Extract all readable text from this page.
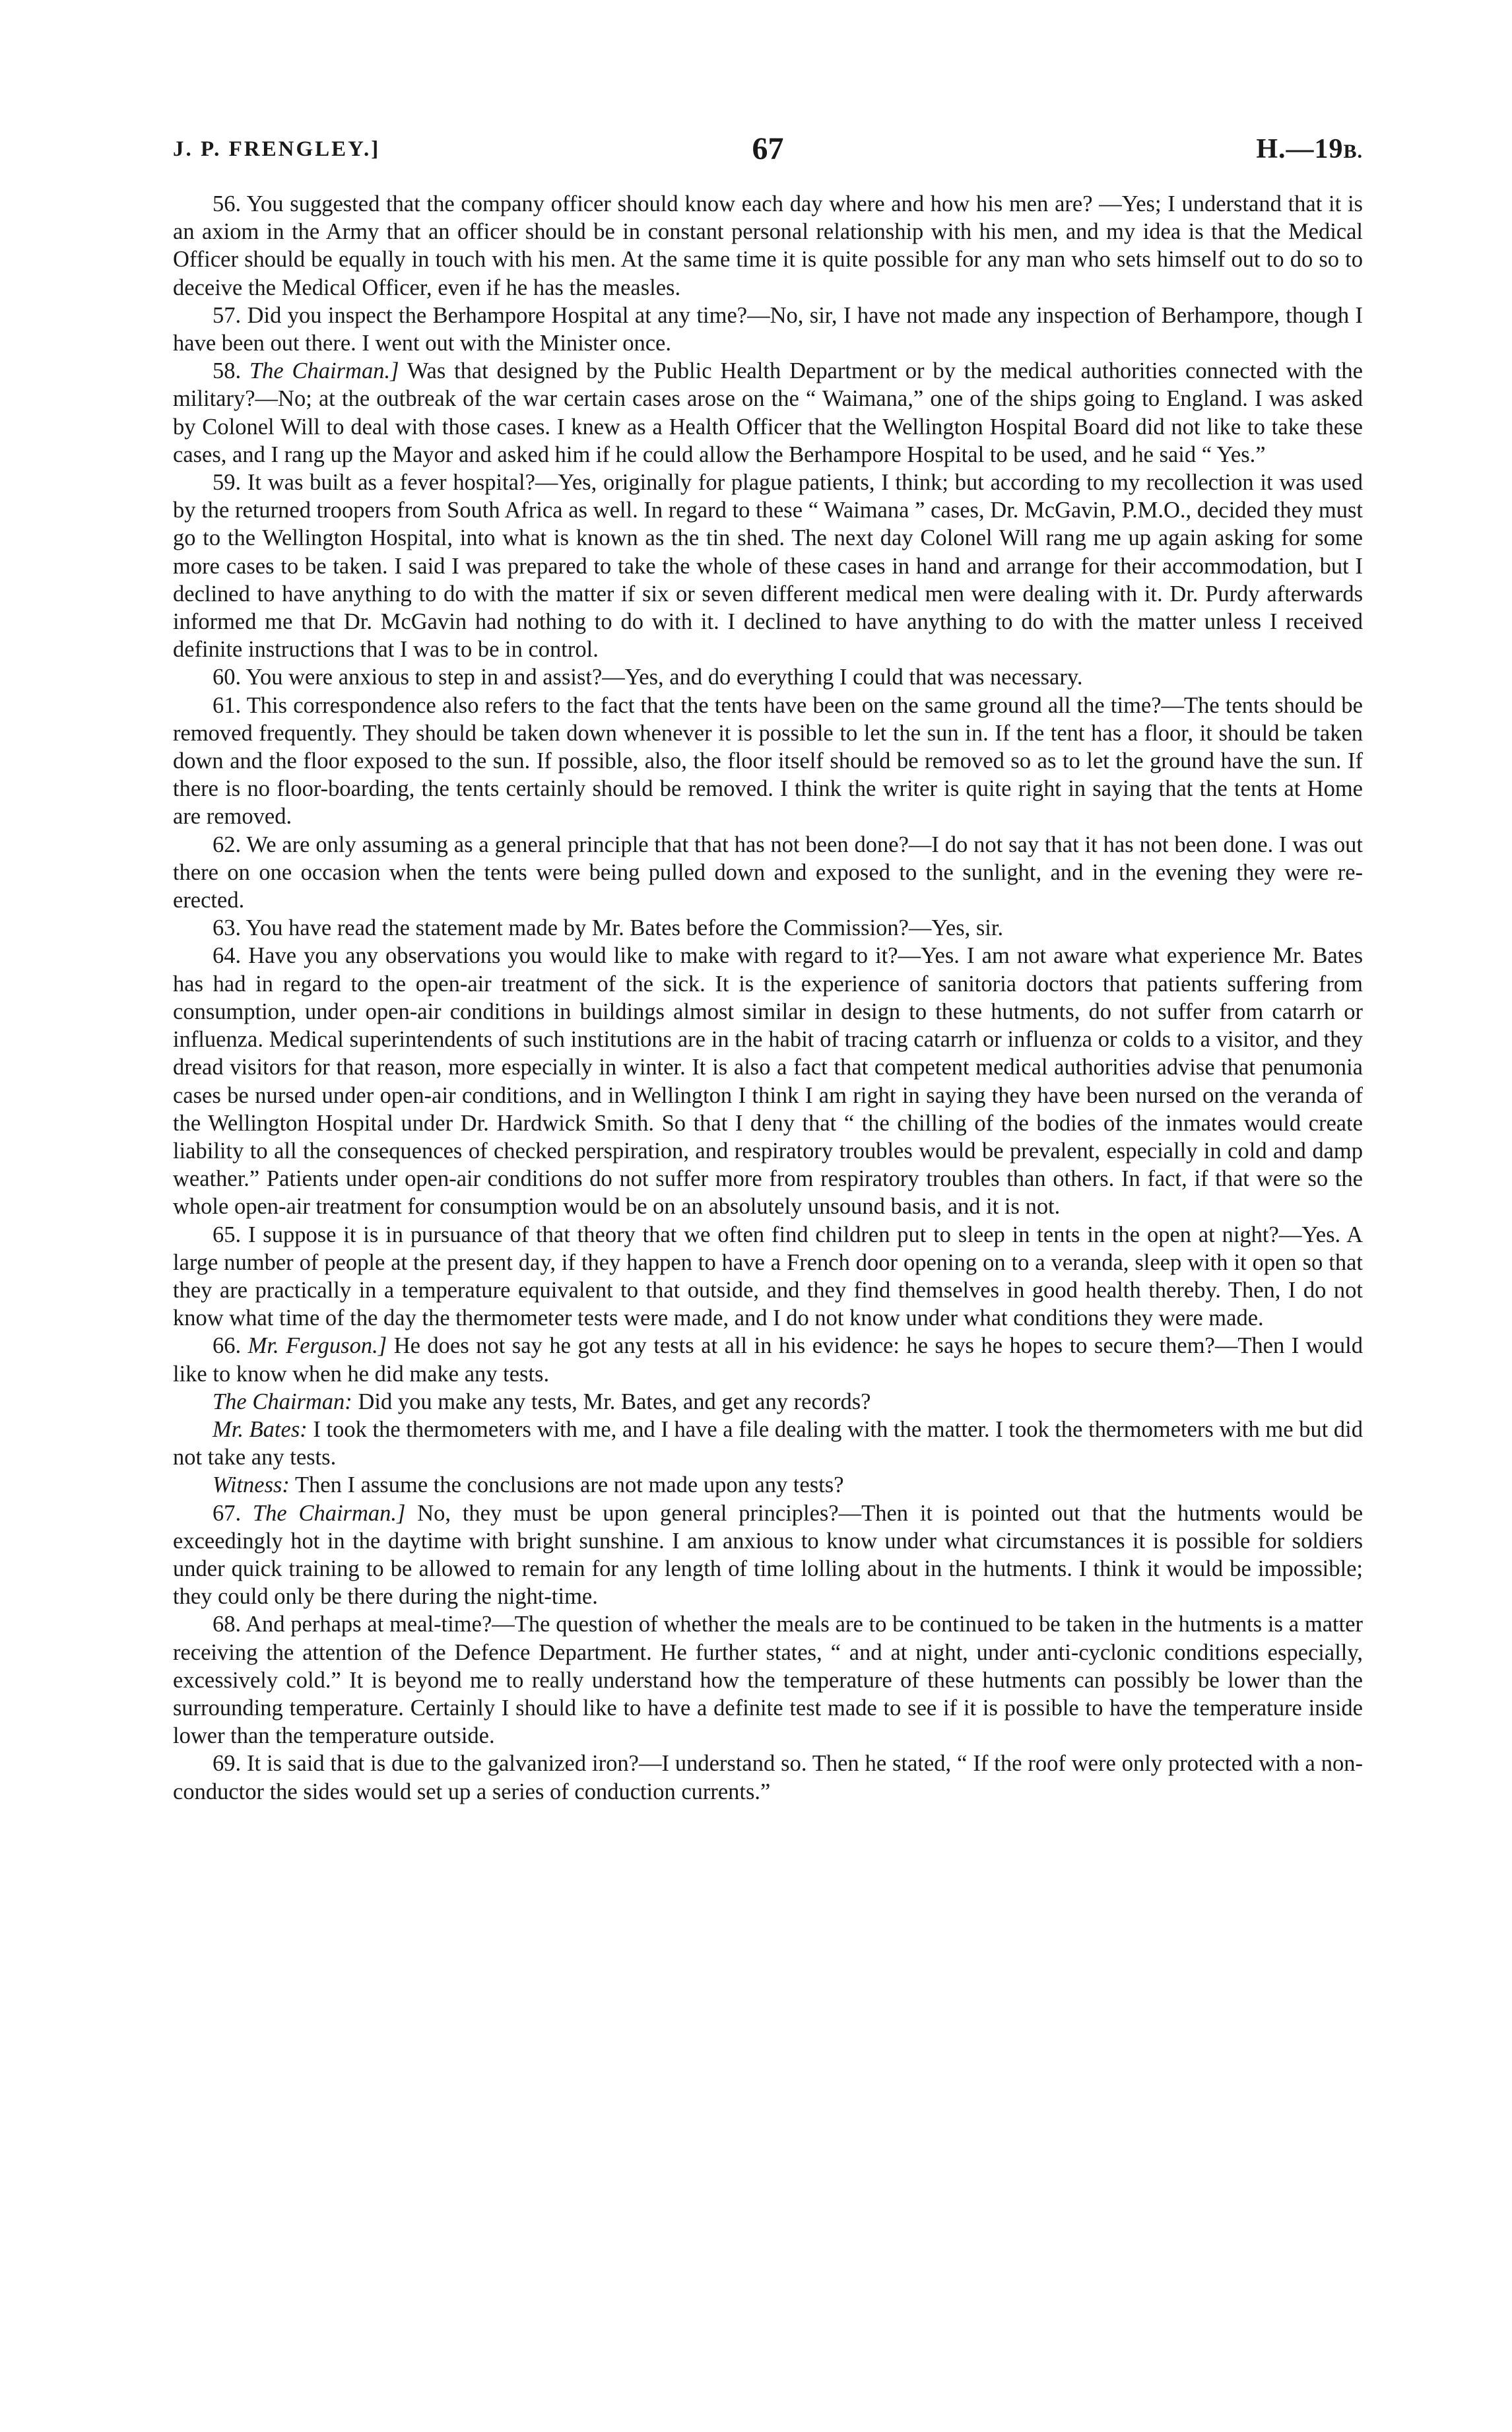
J. P. FRENGLEY.]	67	H.—19B.

56. You suggested that the company officer should know each day where and how his men are? —Yes; I understand that it is an axiom in the Army that an officer should be in constant personal relationship with his men, and my idea is that the Medical Officer should be equally in touch with his men. At the same time it is quite possible for any man who sets himself out to do so to deceive the Medical Officer, even if he has the measles.

57. Did you inspect the Berhampore Hospital at any time?—No, sir, I have not made any inspection of Berhampore, though I have been out there. I went out with the Minister once.

58. The Chairman.] Was that designed by the Public Health Department or by the medical authorities connected with the military?—No; at the outbreak of the war certain cases arose on the “ Waimana,” one of the ships going to England. I was asked by Colonel Will to deal with those cases. I knew as a Health Officer that the Wellington Hospital Board did not like to take these cases, and I rang up the Mayor and asked him if he could allow the Berhampore Hospital to be used, and he said “ Yes.”

59. It was built as a fever hospital?—Yes, originally for plague patients, I think; but according to my recollection it was used by the returned troopers from South Africa as well. In regard to these “ Waimana ” cases, Dr. McGavin, P.M.O., decided they must go to the Wellington Hospital, into what is known as the tin shed. The next day Colonel Will rang me up again asking for some more cases to be taken. I said I was prepared to take the whole of these cases in hand and arrange for their accommodation, but I declined to have anything to do with the matter if six or seven different medical men were dealing with it. Dr. Purdy afterwards informed me that Dr. McGavin had nothing to do with it. I declined to have anything to do with the matter unless I received definite instructions that I was to be in control.

60. You were anxious to step in and assist?—Yes, and do everything I could that was necessary.

61. This correspondence also refers to the fact that the tents have been on the same ground all the time?—The tents should be removed frequently. They should be taken down whenever it is possible to let the sun in. If the tent has a floor, it should be taken down and the floor exposed to the sun. If possible, also, the floor itself should be removed so as to let the ground have the sun. If there is no floor-boarding, the tents certainly should be removed. I think the writer is quite right in saying that the tents at Home are removed.

62. We are only assuming as a general principle that that has not been done?—I do not say that it has not been done. I was out there on one occasion when the tents were being pulled down and exposed to the sunlight, and in the evening they were re-erected.

63. You have read the statement made by Mr. Bates before the Commission?—Yes, sir.

64. Have you any observations you would like to make with regard to it?—Yes. I am not aware what experience Mr. Bates has had in regard to the open-air treatment of the sick. It is the experience of sanitoria doctors that patients suffering from consumption, under open-air conditions in buildings almost similar in design to these hutments, do not suffer from catarrh or influenza. Medical superintendents of such institutions are in the habit of tracing catarrh or influenza or colds to a visitor, and they dread visitors for that reason, more especially in winter. It is also a fact that competent medical authorities advise that penumonia cases be nursed under open-air conditions, and in Wellington I think I am right in saying they have been nursed on the veranda of the Wellington Hospital under Dr. Hardwick Smith. So that I deny that “ the chilling of the bodies of the inmates would create liability to all the consequences of checked perspiration, and respiratory troubles would be prevalent, especially in cold and damp weather.” Patients under open-air conditions do not suffer more from respiratory troubles than others. In fact, if that were so the whole open-air treatment for consumption would be on an absolutely unsound basis, and it is not.

65. I suppose it is in pursuance of that theory that we often find children put to sleep in tents in the open at night?—Yes. A large number of people at the present day, if they happen to have a French door opening on to a veranda, sleep with it open so that they are practically in a temperature equivalent to that outside, and they find themselves in good health thereby. Then, I do not know what time of the day the thermometer tests were made, and I do not know under what conditions they were made.

66. Mr. Ferguson.] He does not say he got any tests at all in his evidence: he says he hopes to secure them?—Then I would like to know when he did make any tests.

The Chairman: Did you make any tests, Mr. Bates, and get any records?

Mr. Bates: I took the thermometers with me, and I have a file dealing with the matter. I took the thermometers with me but did not take any tests.

Witness: Then I assume the conclusions are not made upon any tests?

67. The Chairman.] No, they must be upon general principles?—Then it is pointed out that the hutments would be exceedingly hot in the daytime with bright sunshine. I am anxious to know under what circumstances it is possible for soldiers under quick training to be allowed to remain for any length of time lolling about in the hutments. I think it would be impossible; they could only be there during the night-time.

68. And perhaps at meal-time?—The question of whether the meals are to be continued to be taken in the hutments is a matter receiving the attention of the Defence Department. He further states, “ and at night, under anti-cyclonic conditions especially, excessively cold.” It is beyond me to really understand how the temperature of these hutments can possibly be lower than the surrounding temperature. Certainly I should like to have a definite test made to see if it is possible to have the temperature inside lower than the temperature outside.

69. It is said that is due to the galvanized iron?—I understand so. Then he stated, “ If the roof were only protected with a non-conductor the sides would set up a series of conduction currents.”
